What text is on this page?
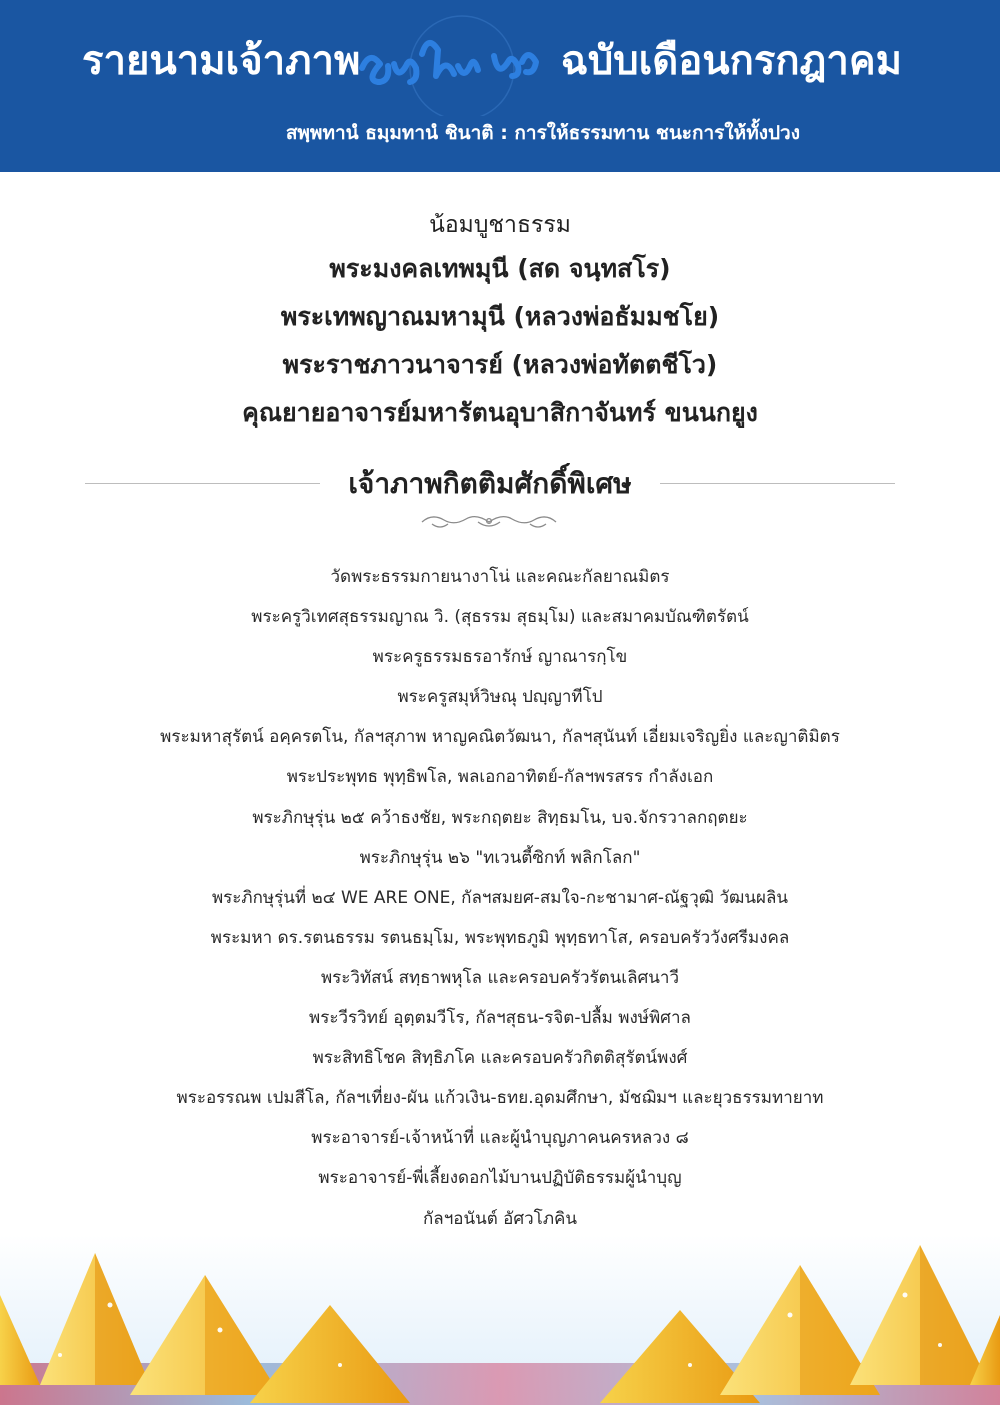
รายนามเจ้าภาพ	ฉบับเดือนกรกฎาคม
สพฺพทานํ ธมฺมทานํ ชินาติ : การให้ธรรมทาน ชนะการให้ทั้งปวง
น้อมบูชาธรรม
พระมงคลเทพมุนี (สด จนฺทสโร)
พระเทพญาณมหามุนี (หลวงพ่อธัมมชโย)
พระราชภาวนาจารย์ (หลวงพ่อทัตตชีโว)
คุณยายอาจารย์มหารัตนอุบาสิกาจันทร์ ขนนกยูง
เจ้าภาพกิตติมศักดิ์พิเศษ
วัดพระธรรมกายนางาโน่ และคณะกัลยาณมิตร
พระครูวิเทศสุธรรมญาณ วิ. (สุธรรม สุธมฺโม) และสมาคมบัณฑิตรัตน์
พระครูธรรมธรอารักษ์ ญาณารกฺโข
พระครูสมุห์วิษณุ ปญฺญาทีโป
พระมหาสุรัตน์ อคฺครตโน, กัลฯสุภาพ หาญคณิตวัฒนา, กัลฯสุนันท์ เอี่ยมเจริญยิ่ง และญาติมิตร
พระประพุทธ พุทฺธิพโล, พลเอกอาทิตย์-กัลฯพรสรร กำลังเอก
พระภิกษุรุ่น ๒๕ คว้าธงชัย, พระกฤตยะ สิทฺธมโน, บจ.จักรวาลกฤตยะ
พระภิกษุรุ่น ๒๖ "ทเวนตี้ซิกท์ พลิกโลก"
พระภิกษุรุ่นที่ ๒๔ WE ARE ONE, กัลฯสมยศ-สมใจ-กะชามาศ-ณัฐวุฒิ วัฒนผลิน
พระมหา ดร.รตนธรรม รตนธมฺโม, พระพุทธภูมิ พุทฺธทาโส, ครอบครัววังศรีมงคล
พระวิทัสน์ สทฺธาพหุโล และครอบครัวรัตนเลิศนาวี
พระวีรวิทย์ อุตฺตมวีโร, กัลฯสุธน-รจิต-ปลื้ม พงษ์พิศาล
พระสิทธิโชค สิทฺธิภโค และครอบครัวกิตติสุรัตน์พงศ์
พระอรรณพ เปมสีโล, กัลฯเที่ยง-ผัน แก้วเงิน-ธทย.อุดมศึกษา, มัชฌิมฯ และยุวธรรมทายาท
พระอาจารย์-เจ้าหน้าที่ และผู้นำบุญภาคนครหลวง ๘
พระอาจารย์-พี่เลี้ยงดอกไม้บานปฏิบัติธรรมผู้นำบุญ
กัลฯอนันต์ อัศวโภคิน
